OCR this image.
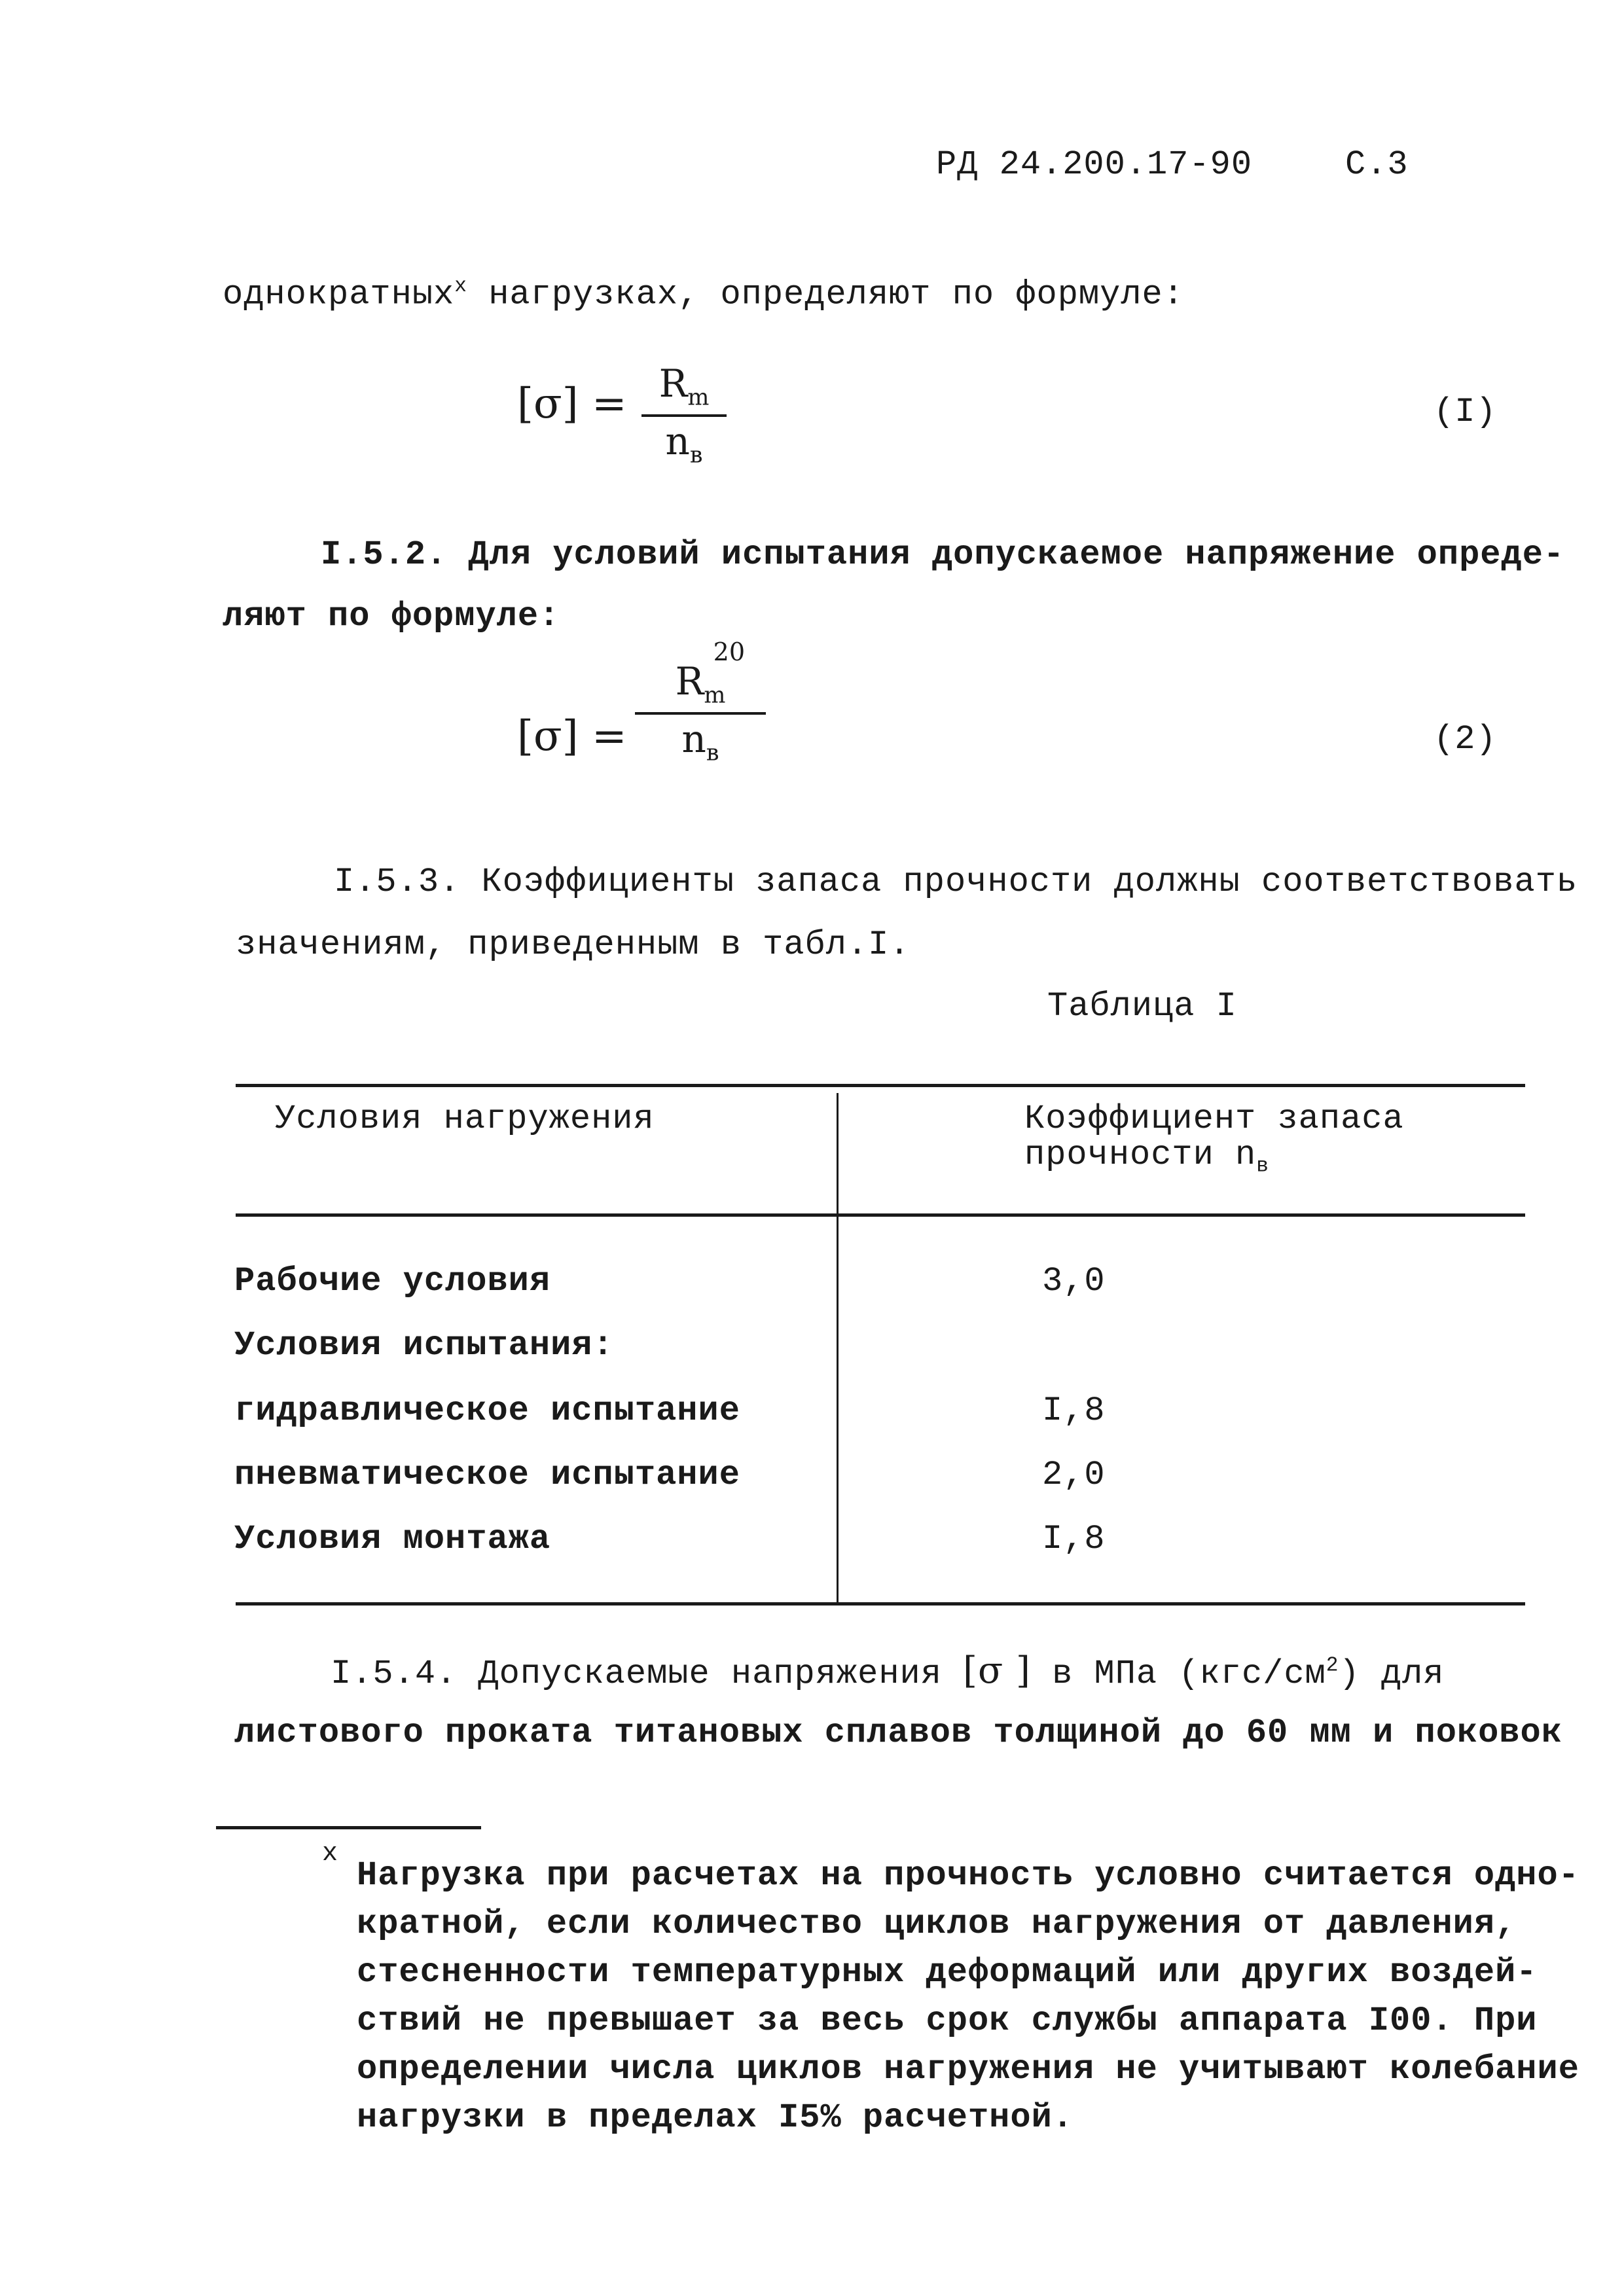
РД 24.200.17-90	С.3
однократных$^x$ нагрузках, определяют по формуле:
$[\sigma] = R_m$
$n_в$
(I)
I.5.2. Для условий испытания допускаемое напряжение опреде-
ляют по формуле:
[σ] =
$R_m$
20
$n_в$	(2)
I.5.3. Коэффициенты запаса прочности должны соответствовать
значениям, приведенным в табл.I.
Таблица I
Условия нагружения	Коэффициент запаса
прочности $n_в$
Рабочие условия	3,0
Условия испытания:
гидравлическое испытание	I,8
пневматическое испытание	2,0
Условия монтажа	I,8
I.5.4. Допускаемые напряжения [σ ] в МПа $(кгс/см^2)$ для
листового проката титановых сплавов толщиной до 60 мм и поковок
x
Нагрузка при расчетах на прочность условно считается одно-
кратной, если количество циклов нагружения от давления,
стесненности температурных деформаций или других воздей-
ствий не превышает за весь срок службы аппарата I00. При
определении числа циклов нагружения не учитывают колебание
нагрузки в пределах I5% расчетной.
